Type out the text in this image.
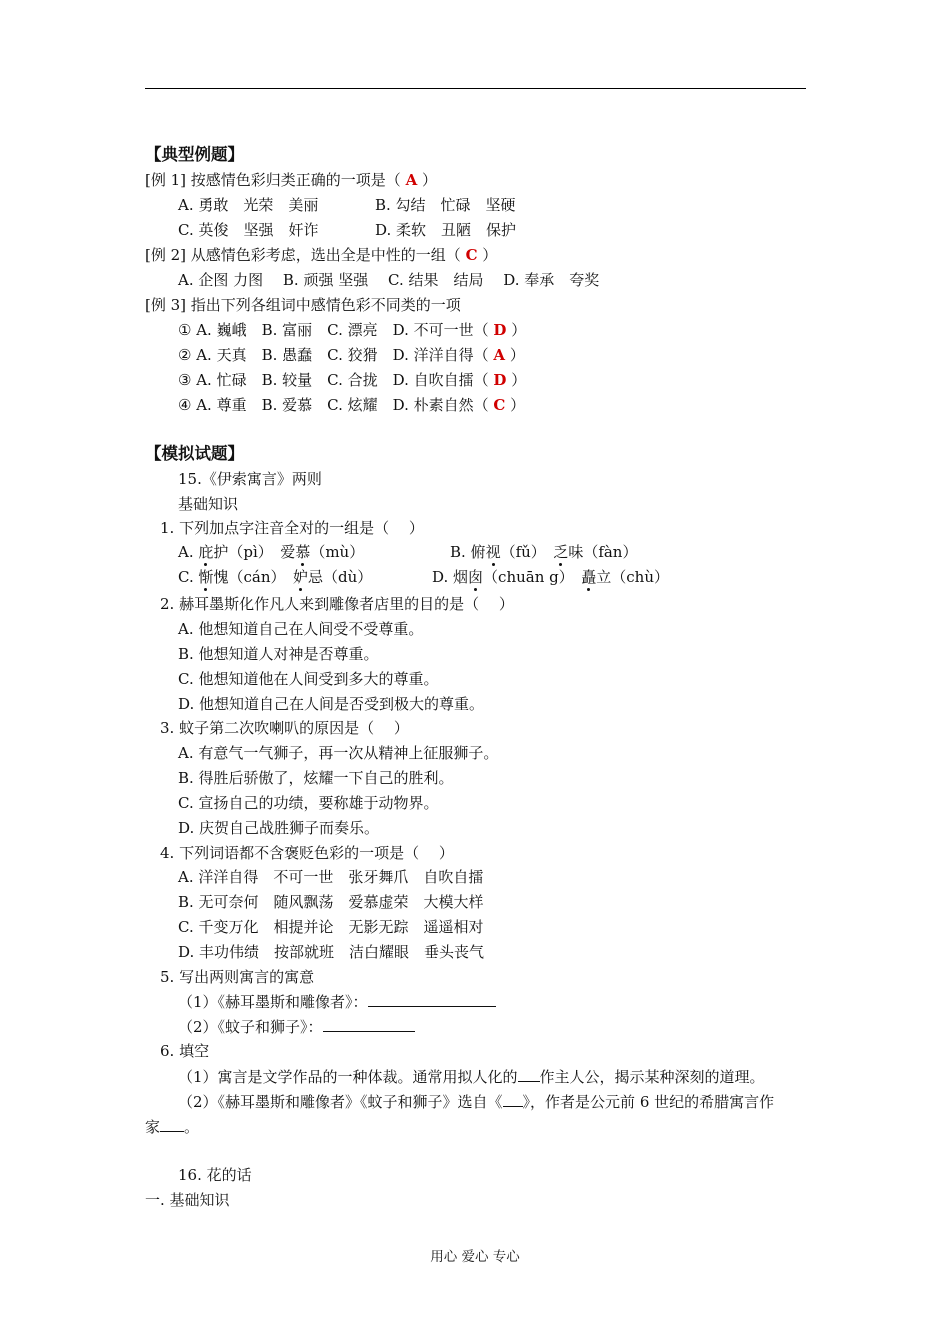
【典型例题】
[例 1] 按感情色彩归类正确的一项是（ A ）
A. 勇敢　光荣　美丽	B. 勾结　忙碌　坚硬
C. 英俊　坚强　奸诈	D. 柔软　丑陋　保护
[例 2] 从感情色彩考虑，选出全是中性的一组（ C ）
A. 企图 力图　 B. 顽强 坚强　 C. 结果　结局　 D. 奉承　夸奖
[例 3] 指出下列各组词中感情色彩不同类的一项
① A. 巍峨　B. 富丽　C. 漂亮　D. 不可一世（ D ）
② A. 天真　B. 愚蠢　C. 狡猾　D. 洋洋自得（ A ）
③ A. 忙碌　B. 较量　C. 合拢　D. 自吹自擂（ D ）
④ A. 尊重　B. 爱慕　C. 炫耀　D. 朴素自然（ C ）
【模拟试题】
15.《伊索寓言》两则
基础知识
1. 下列加点字注音全对的一组是（　 ）
A. 庇护（pì）　爱慕（mù）	B. 俯视（fǔ）　乏味（fàn）
C. 惭愧（cán）　妒忌（dù）	D. 烟囱（chuān g）　矗立（chù）
2. 赫耳墨斯化作凡人来到雕像者店里的目的是（　 ）
A. 他想知道自己在人间受不受尊重。
B. 他想知道人对神是否尊重。
C. 他想知道他在人间受到多大的尊重。
D. 他想知道自己在人间是否受到极大的尊重。
3. 蚊子第二次吹喇叭的原因是（　 ）
A. 有意气一气狮子，再一次从精神上征服狮子。
B. 得胜后骄傲了，炫耀一下自己的胜利。
C. 宣扬自己的功绩，要称雄于动物界。
D. 庆贺自己战胜狮子而奏乐。
4. 下列词语都不含褒贬色彩的一项是（　 ）
A. 洋洋自得　不可一世　张牙舞爪　自吹自擂
B. 无可奈何　随风飘荡　爱慕虚荣　大模大样
C. 千变万化　相提并论　无影无踪　遥遥相对
D. 丰功伟绩　按部就班　洁白耀眼　垂头丧气
5. 写出两则寓言的寓意
（1）《赫耳墨斯和雕像者》：
（2）《蚊子和狮子》：
6. 填空
（1）寓言是文学作品的一种体裁。通常用拟人化的 作主人公，揭示某种深刻的道理。
（2）《赫耳墨斯和雕像者》《蚊子和狮子》选自《 》，作者是公元前 6 世纪的希腊寓言作
家 。
16. 花的话
一. 基础知识
用心 爱心 专心
